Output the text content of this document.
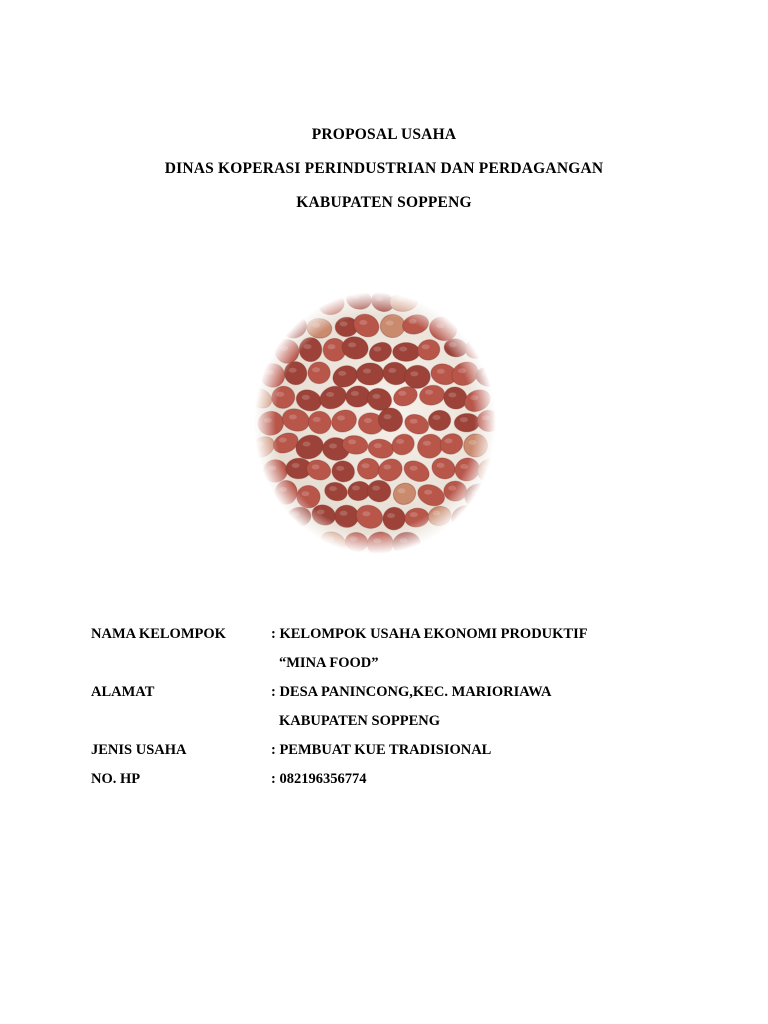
PROPOSAL USAHA
DINAS KOPERASI PERINDUSTRIAN DAN PERDAGANGAN
KABUPATEN SOPPENG
NAMA KELOMPOK	: KELOMPOK USAHA EKONOMI PRODUKTIF
“MINA FOOD”
ALAMAT	: DESA PANINCONG,KEC. MARIORIAWA
KABUPATEN SOPPENG
JENIS USAHA	: PEMBUAT KUE TRADISIONAL
NO. HP	: 082196356774
